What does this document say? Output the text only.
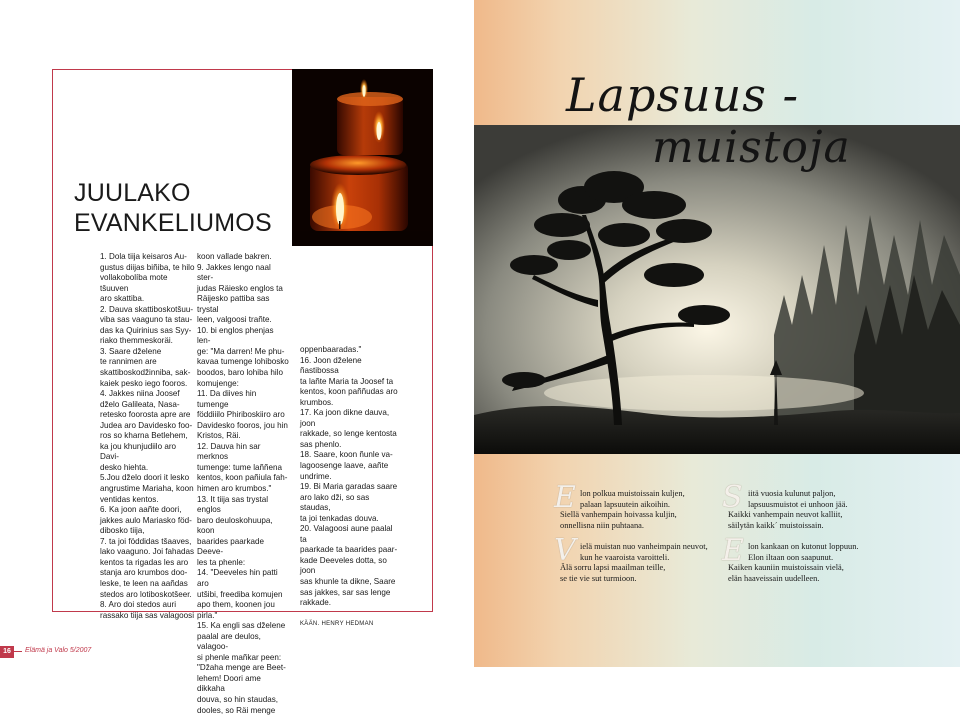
JUULAKO
EVANKELIUMOS

1. Dola tiija keisaros Au-
gustus diijas biñiba, te hilo
vollakobolíba mote tšuuven
aro skattiba.
2. Dauva skattiboskotšuu-
viba sas vaaguno ta stau-
das ka Quirinius sas Syy-
riako themmeskoräi.
3. Saare dželene
te rannimen are
skattiboskodžinniba, sak-
kaiek pesko iego fooros.
4. Jakkes niina Joosef
dželo Galileata, Nasa-
retesko foorosta apre are
Judea aro Davidesko foo-
ros so kharna Betlehem,
ka jou khunjudiilo aro Davi-
desko hiehta.
5.Jou dželo doori it lesko
angrustime Mariaha, koon
ventidas kentos.
6. Ka joon aañte doori,
jakkes aulo Mariasko föd-
dibosko tiija,
7. ta joi föddidas tšaaves,
lako vaaguno. Joi fahadas
kentos ta rigadas les aro
stanja aro krumbos doo-
leske, te leen na aañdas
stedos aro lotiboskotšeer.
8. Aro doi stedos auri
rassako tiija sas valagoosi

koon vallade bakren.
9. Jakkes lengo naal ster-
judas Räiesko englos ta
Räijesko pattiba sas trystal
leen, valgoosi trañte.
10. bi englos phenjas len-
ge: "Ma darren! Me phu-
kavaa tumenge lohibosko
boodos, baro lohiba hilo
komujenge:
11. Da diives hin tumenge
föddiiilo Phiriboskiiro aro
Davidesko fooros, jou hin
Kristos, Räi.
12. Dauva hin sar merknos
tumenge: tume laññena
kentos, koon pañiula fah-
himen aro krumbos."
13. It tiija sas trystal englos
baro deuloskohuupa, koon
baarides paarkade Deeve-
les ta phenle:
14. "Deeveles hin patti aro
utšibi, freediba komujen
apo them, koonen jou
pirla."
15. Ka engli sas dželene
paalal are deulos, valagoo-
si phenle mañkar peen:
"Džaha menge are Beet-
lehem! Doori ame dikkaha
douva, so hin staudas,
dooles, so Räi menge

oppenbaaradas."
16. Joon dželene ñastibossa
ta lañte Maria ta Joosef ta
kentos, koon paññudas aro
krumbos.
17. Ka joon dikne dauva, joon
rakkade, so lenge kentosta
sas phenlo.
18. Saare, koon ñunle va-
lagoosenge laave, aañte
undrime.
19. Bi Maria garadas saare
aro lako dži, so sas staudas,
ta joi tenkadas douva.
20. Valagoosi aune paalal ta
paarkade ta baarides paar-
kade Deeveles dotta, so joon
sas khunle ta dikne, Saare
sas jakkes, sar sas lenge
rakkade.

KÄÄN. HENRY HEDMAN

16	Elämä ja Valo 5/2007
Lapsuus -
muistoja
E lon polkua muistoissain kuljen,
palaan lapsuutein aikoihin.
Siellä vanhempain hoivassa kuljin,
onnellisna niin puhtaana.
V ielä muistan nuo vanheimpain neuvot,
kun he vaaroista varoitteli.
Älä sorru lapsi maailman teille,
se tie vie sut turmioon.
S iitä vuosia kulunut paljon,
lapsuusmuistot ei unhoon jää.
Kaikki vanhempain neuvot kalliit,
säilytän kaikk´ muistoissain.
E lon kankaan on kutonut loppuun.
Elon iltaan oon saapunut.
Kaiken kauniin muistoissain vielä,
elän haaveissain uudelleen.
